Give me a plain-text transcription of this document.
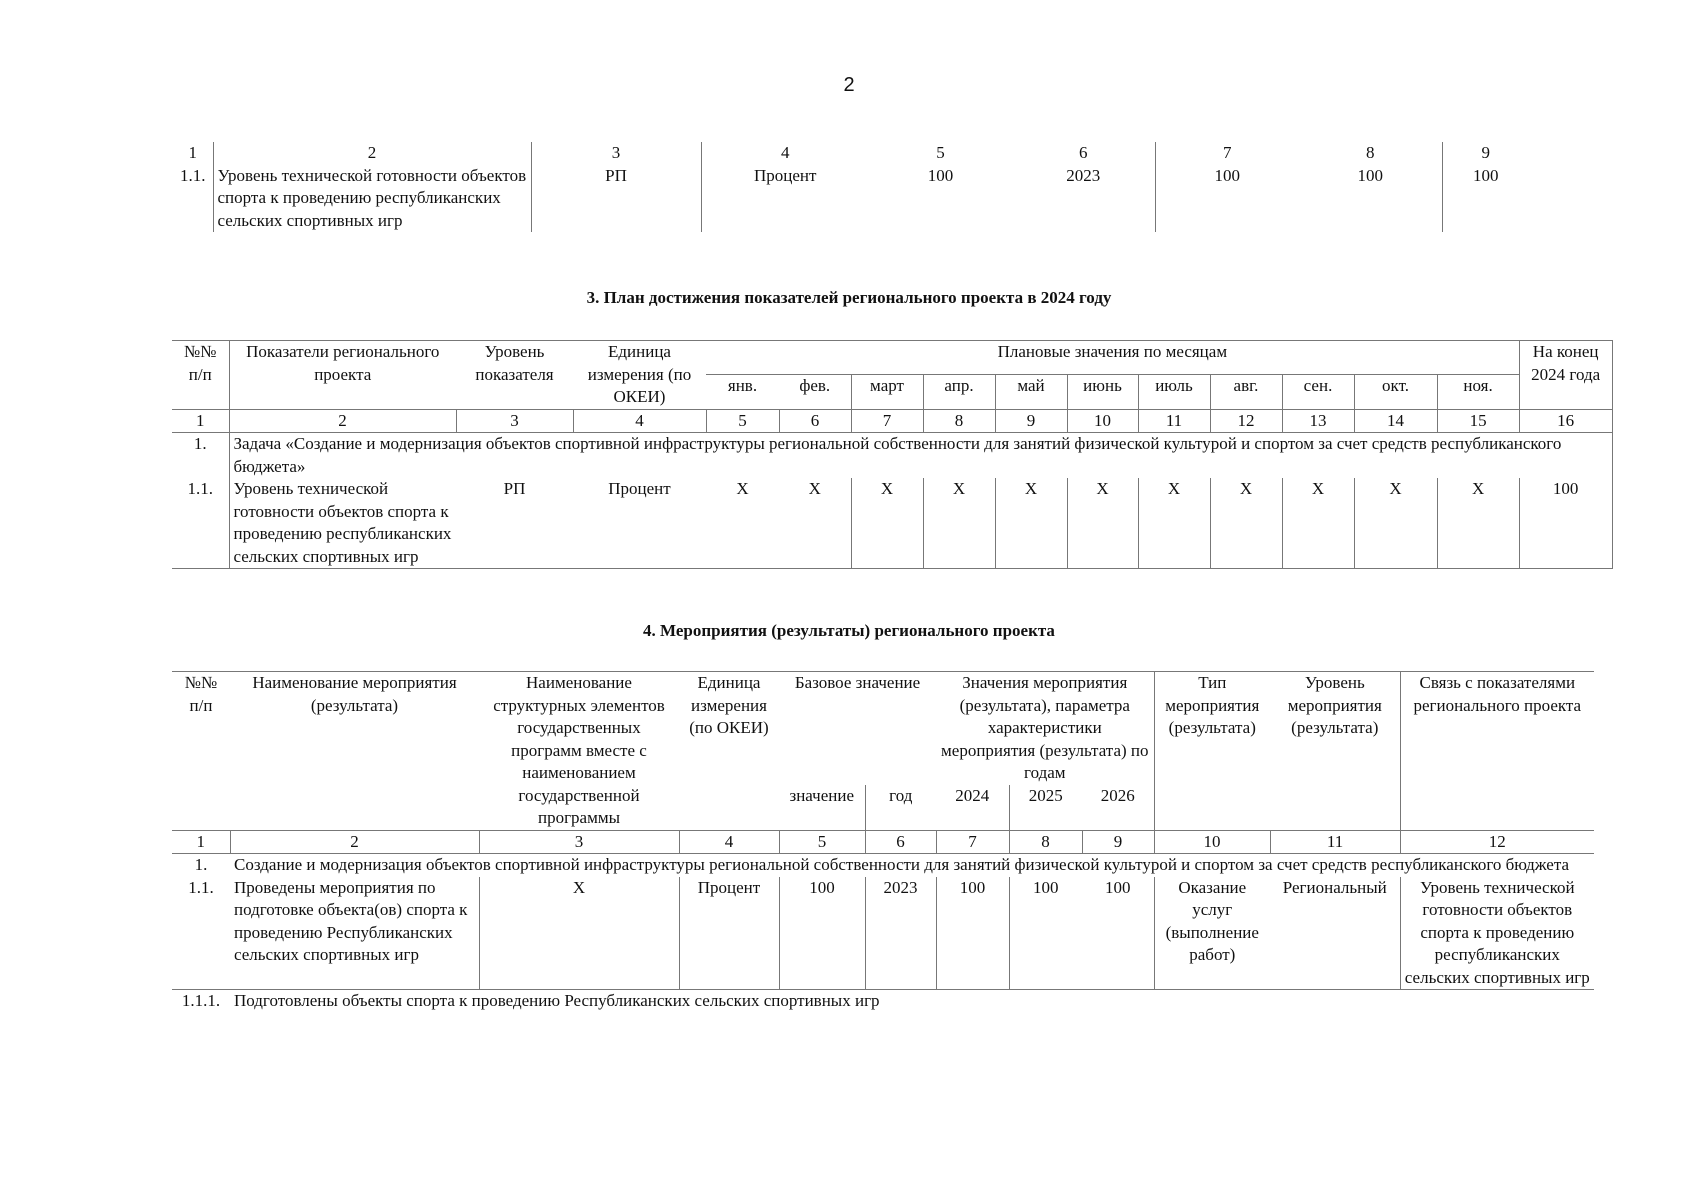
2
1	2	3	4	5	6	7	8	9
1.1.	Уровень технической готовности объектов спорта к проведению республиканских сельских спортивных игр	РП	Процент	100	2023	100	100	100
3. План достижения показателей регионального проекта в 2024 году
№№ п/п	Показатели регионального проекта	Уровень показателя	Единица измерения (по ОКЕИ)	Плановые значения по месяцам											На конец 2024 года
				янв.	фев.	март	апр.	май	июнь	июль	авг.	сен.	окт.	ноя.	
1	2	3	4	5	6	7	8	9	10	11	12	13	14	15	16
1.	Задача «Создание и модернизация объектов спортивной инфраструктуры региональной собственности для занятий физической культурой и спортом за счет средств республиканского бюджета»														
1.1.	Уровень технической готовности объектов спорта к проведению республиканских сельских спортивных игр	РП	Процент	X	X	X	X	X	X	X	X	X	X	X	100
4. Мероприятия (результаты) регионального проекта
№№ п/п	Наименование мероприятия (результата)	Наименование структурных элементов государственных программ вместе с наименованием государственной программы	Единица измерения (по ОКЕИ)	Базовое значение		Значения мероприятия (результата), параметра характеристики мероприятия (результата) по годам			Тип мероприятия (результата)	Уровень мероприятия (результата)	Связь с показателями регионального проекта
				значение	год	2024	2025	2026			
1	2	3	4	5	6	7	8	9	10	11	12
1.	Создание и модернизация объектов спортивной инфраструктуры региональной собственности для занятий физической культурой и спортом за счет средств республиканского бюджета										
1.1.	Проведены мероприятия по подготовке объекта(ов) спорта к проведению Республиканских сельских спортивных игр	X	Процент	100	2023	100	100	100	Оказание услуг (выполнение работ)	Региональный	Уровень технической готовности объектов спорта к проведению республиканских сельских спортивных игр
1.1.1.	Подготовлены объекты спорта к проведению Республиканских сельских спортивных игр										
